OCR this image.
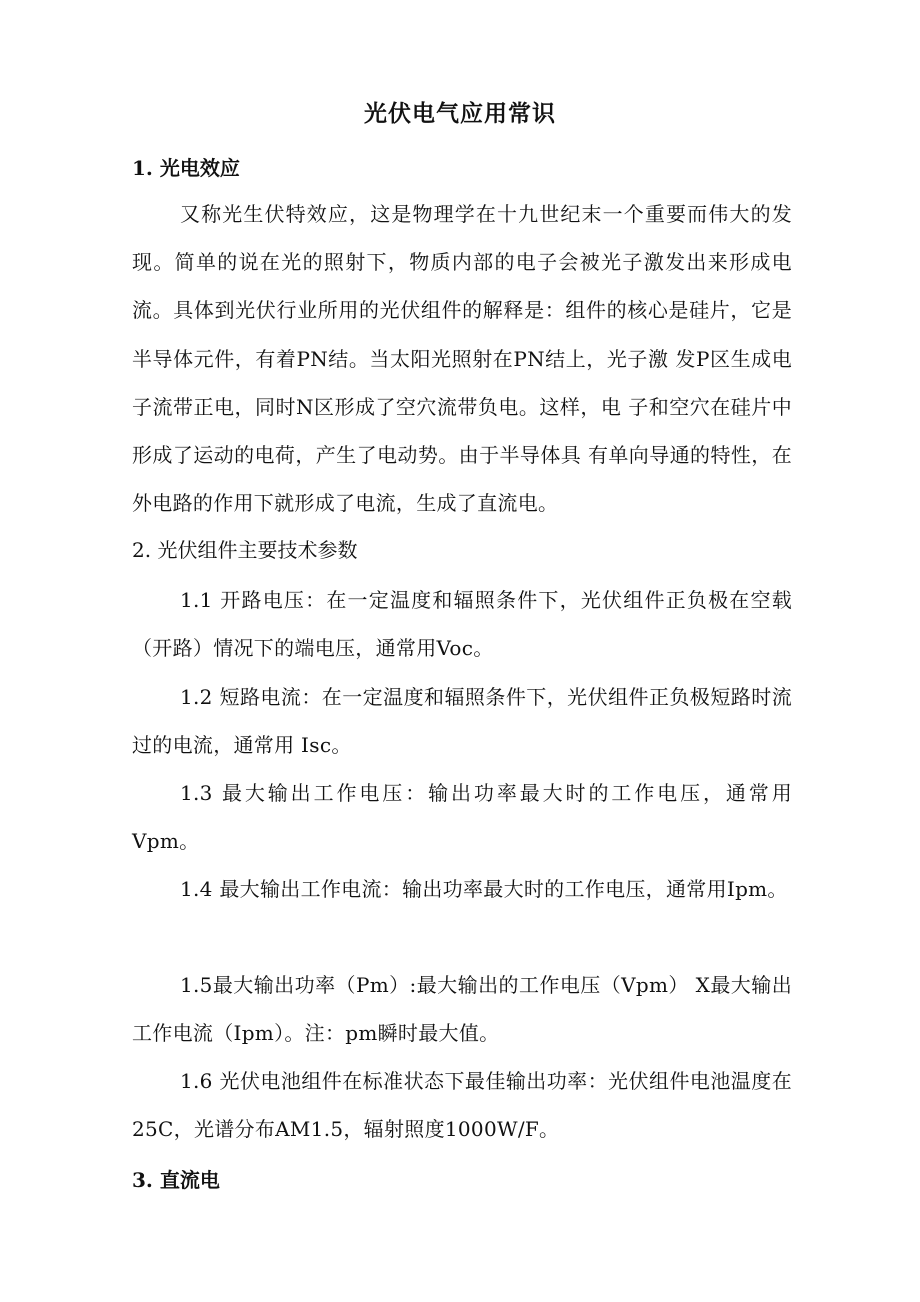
光伏电气应用常识
1. 光电效应
又称光生伏特效应，这是物理学在十九世纪末一个重要而伟大的发现。简单的说在光的照射下，物质内部的电子会被光子激发出来形成电流。具体到光伏行业所用的光伏组件的解释是：组件的核心是硅片，它是半导体元件，有着PN结。当太阳光照射在PN结上，光子激 发P区生成电子流带正电，同时N区形成了空穴流带负电。这样，电 子和空穴在硅片中形成了运动的电荷，产生了电动势。由于半导体具 有单向导通的特性，在外电路的作用下就形成了电流，生成了直流电。
2. 光伏组件主要技术参数
1.1 开路电压：在一定温度和辐照条件下，光伏组件正负极在空载（开路）情况下的端电压，通常用Voc。
1.2 短路电流：在一定温度和辐照条件下，光伏组件正负极短路时流过的电流，通常用 Isc。
1.3 最大输出工作电压：输出功率最大时的工作电压，通常用Vpm。
1.4 最大输出工作电流：输出功率最大时的工作电压，通常用Ipm。
1.5最大输出功率（Pm）:最大输出的工作电压（Vpm） X最大输出工作电流（Ipm）。注：pm瞬时最大值。
1.6 光伏电池组件在标准状态下最佳输出功率：光伏组件电池温度在25C，光谱分布AM1.5，辐射照度1000W/F。
3. 直流电
